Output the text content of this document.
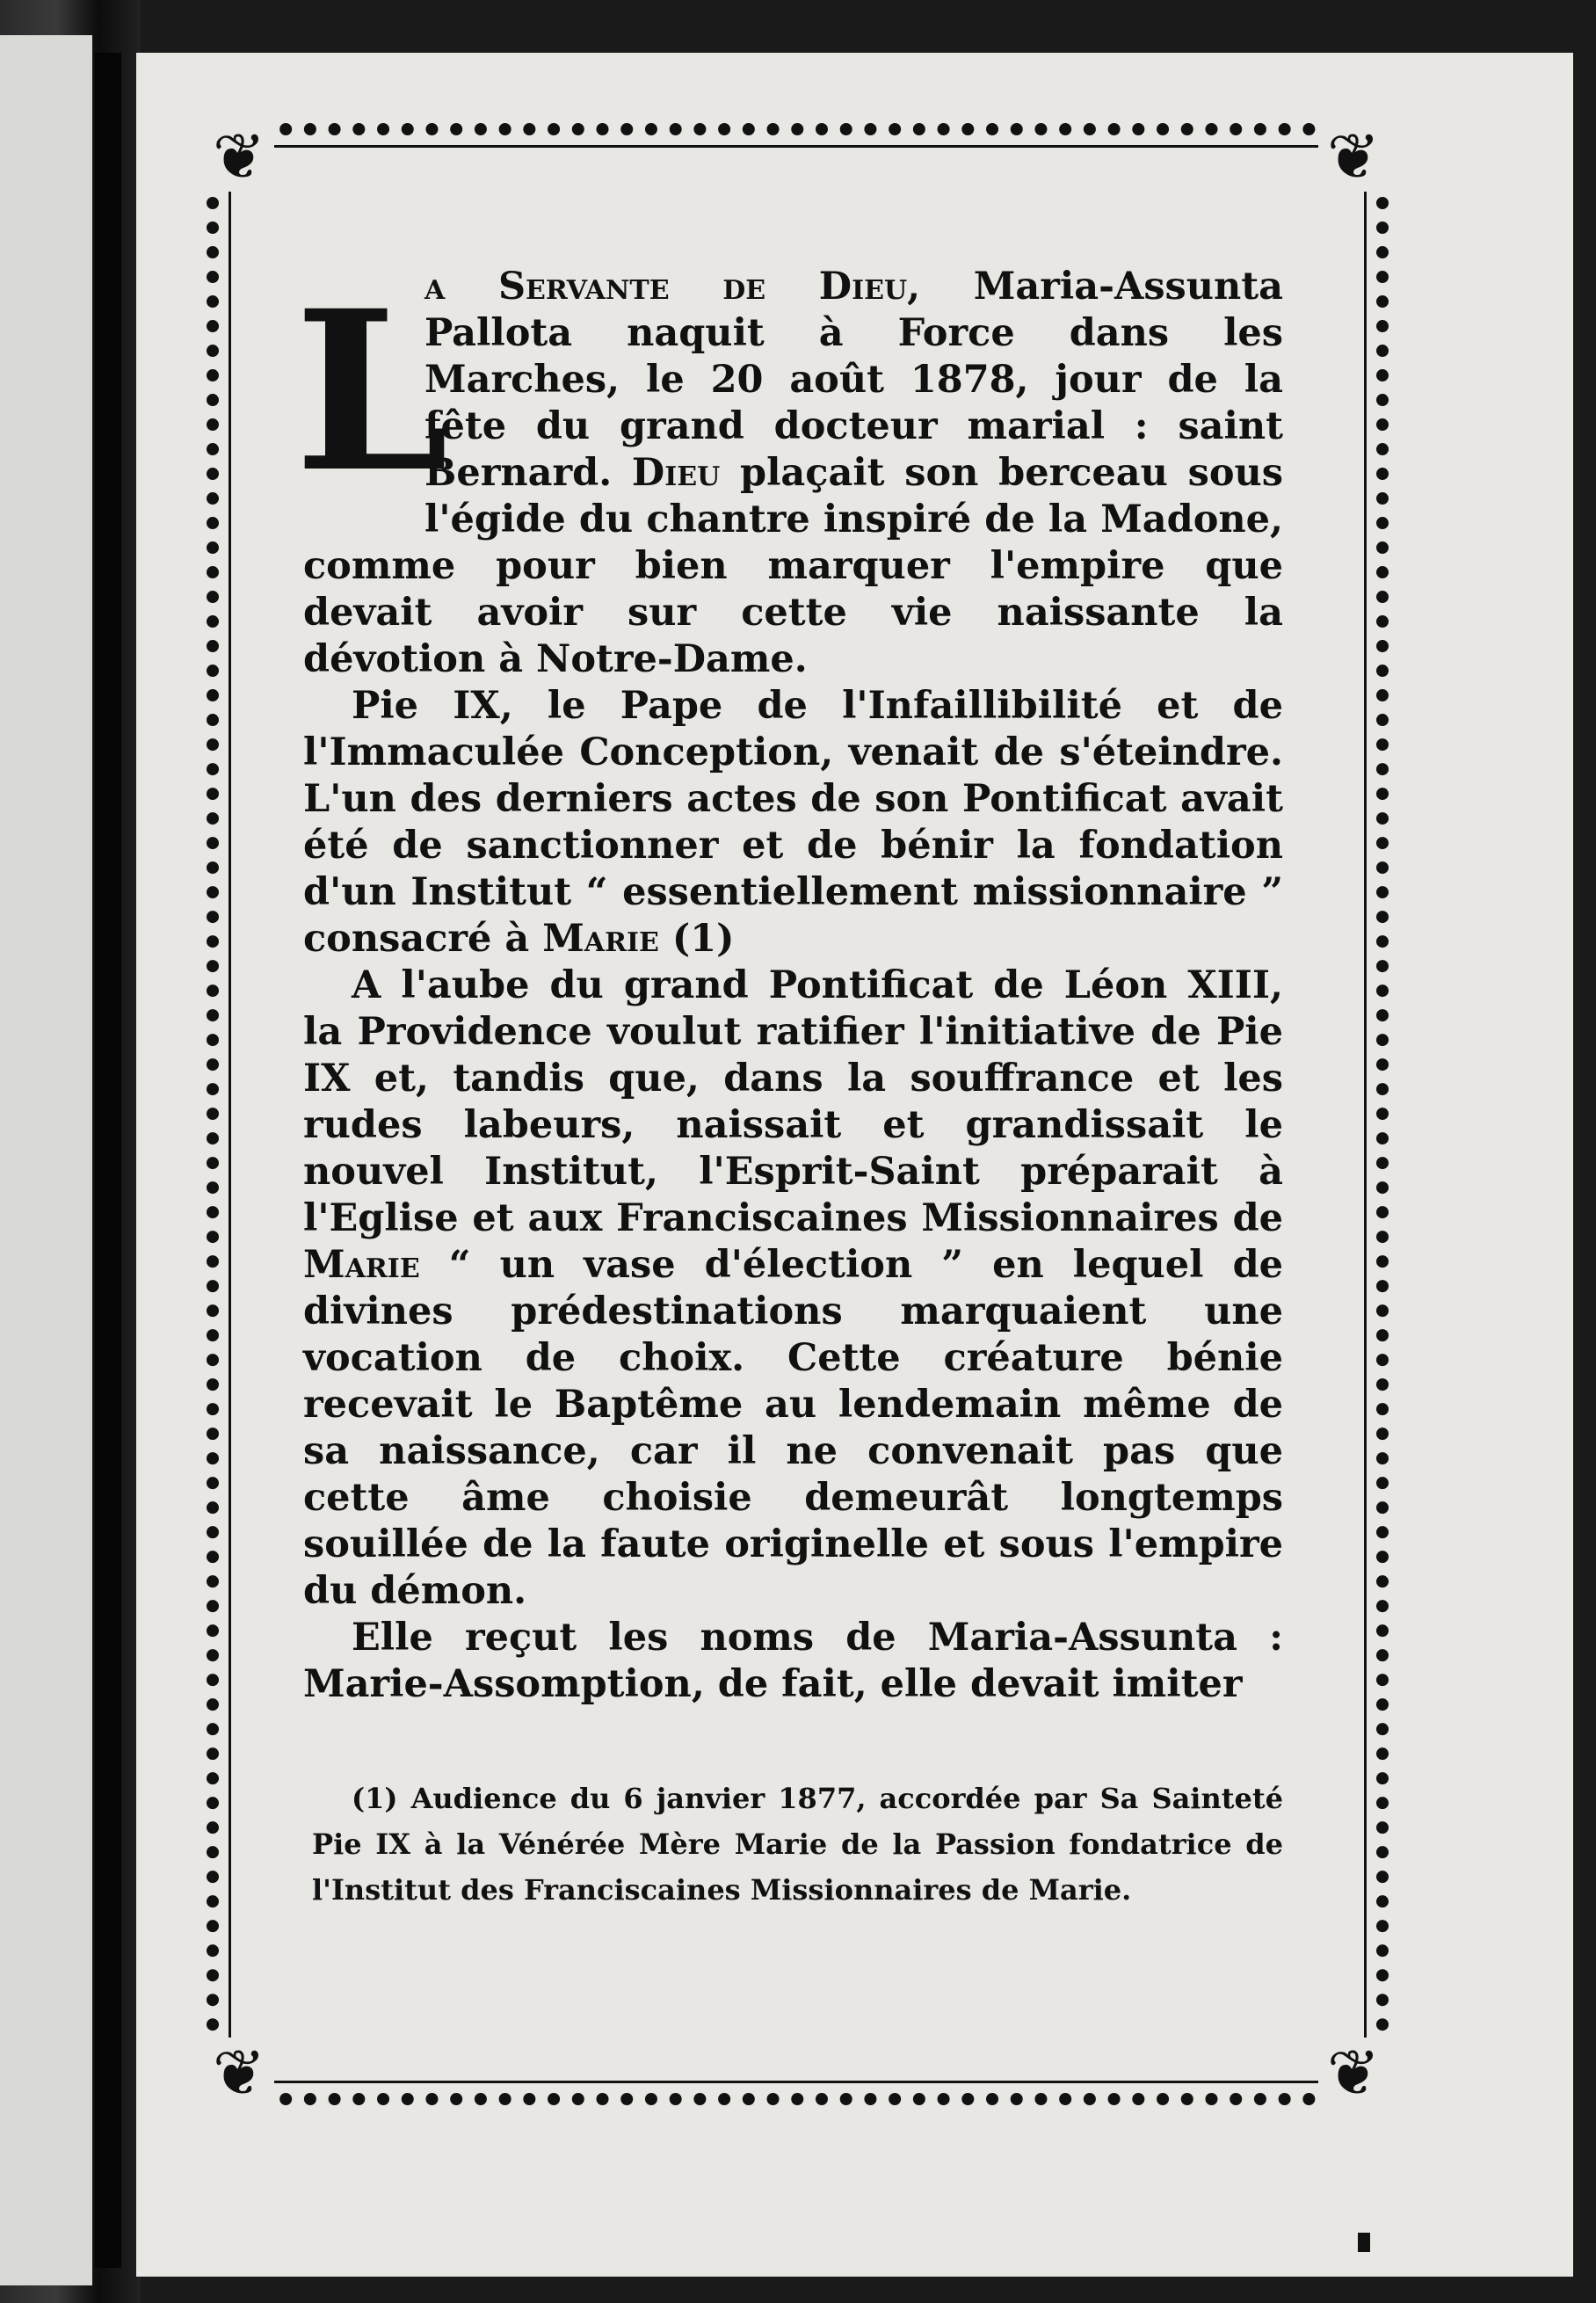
❦	❦
❦	❦

L
a Servante de Dieu, Maria-Assunta Pallota naquit à Force dans les Marches, le 20 août 1878, jour de la fête du grand docteur marial : saint Bernard. Dieu plaçait son berceau sous l'égide du chantre inspiré de la Madone, comme pour bien marquer l'empire que devait avoir sur cette vie naissante la dévotion à Notre-Dame.

Pie IX, le Pape de l'Infaillibilité et de l'Immaculée Conception, venait de s'éteindre. L'un des derniers actes de son Pontificat avait été de sanctionner et de bénir la fondation d'un Institut “ essentiellement missionnaire ” consacré à Marie (1)

A l'aube du grand Pontificat de Léon XIII, la Providence voulut ratifier l'initiative de Pie IX et, tandis que, dans la souffrance et les rudes labeurs, naissait et grandissait le nouvel Institut, l'Esprit-Saint préparait à l'Eglise et aux Franciscaines Missionnaires de Marie “ un vase d'élection ” en lequel de divines prédestinations marquaient une vocation de choix. Cette créature bénie recevait le Baptême au lendemain même de sa naissance, car il ne convenait pas que cette âme choisie demeurât longtemps souillée de la faute originelle et sous l'empire du démon.

Elle reçut les noms de Maria-Assunta : Marie-Assomption, de fait, elle devait imiter

(1) Audience du 6 janvier 1877, accordée par Sa Sainteté Pie IX à la Vénérée Mère Marie de la Passion fondatrice de l'Institut des Franciscaines Missionnaires de Marie.
